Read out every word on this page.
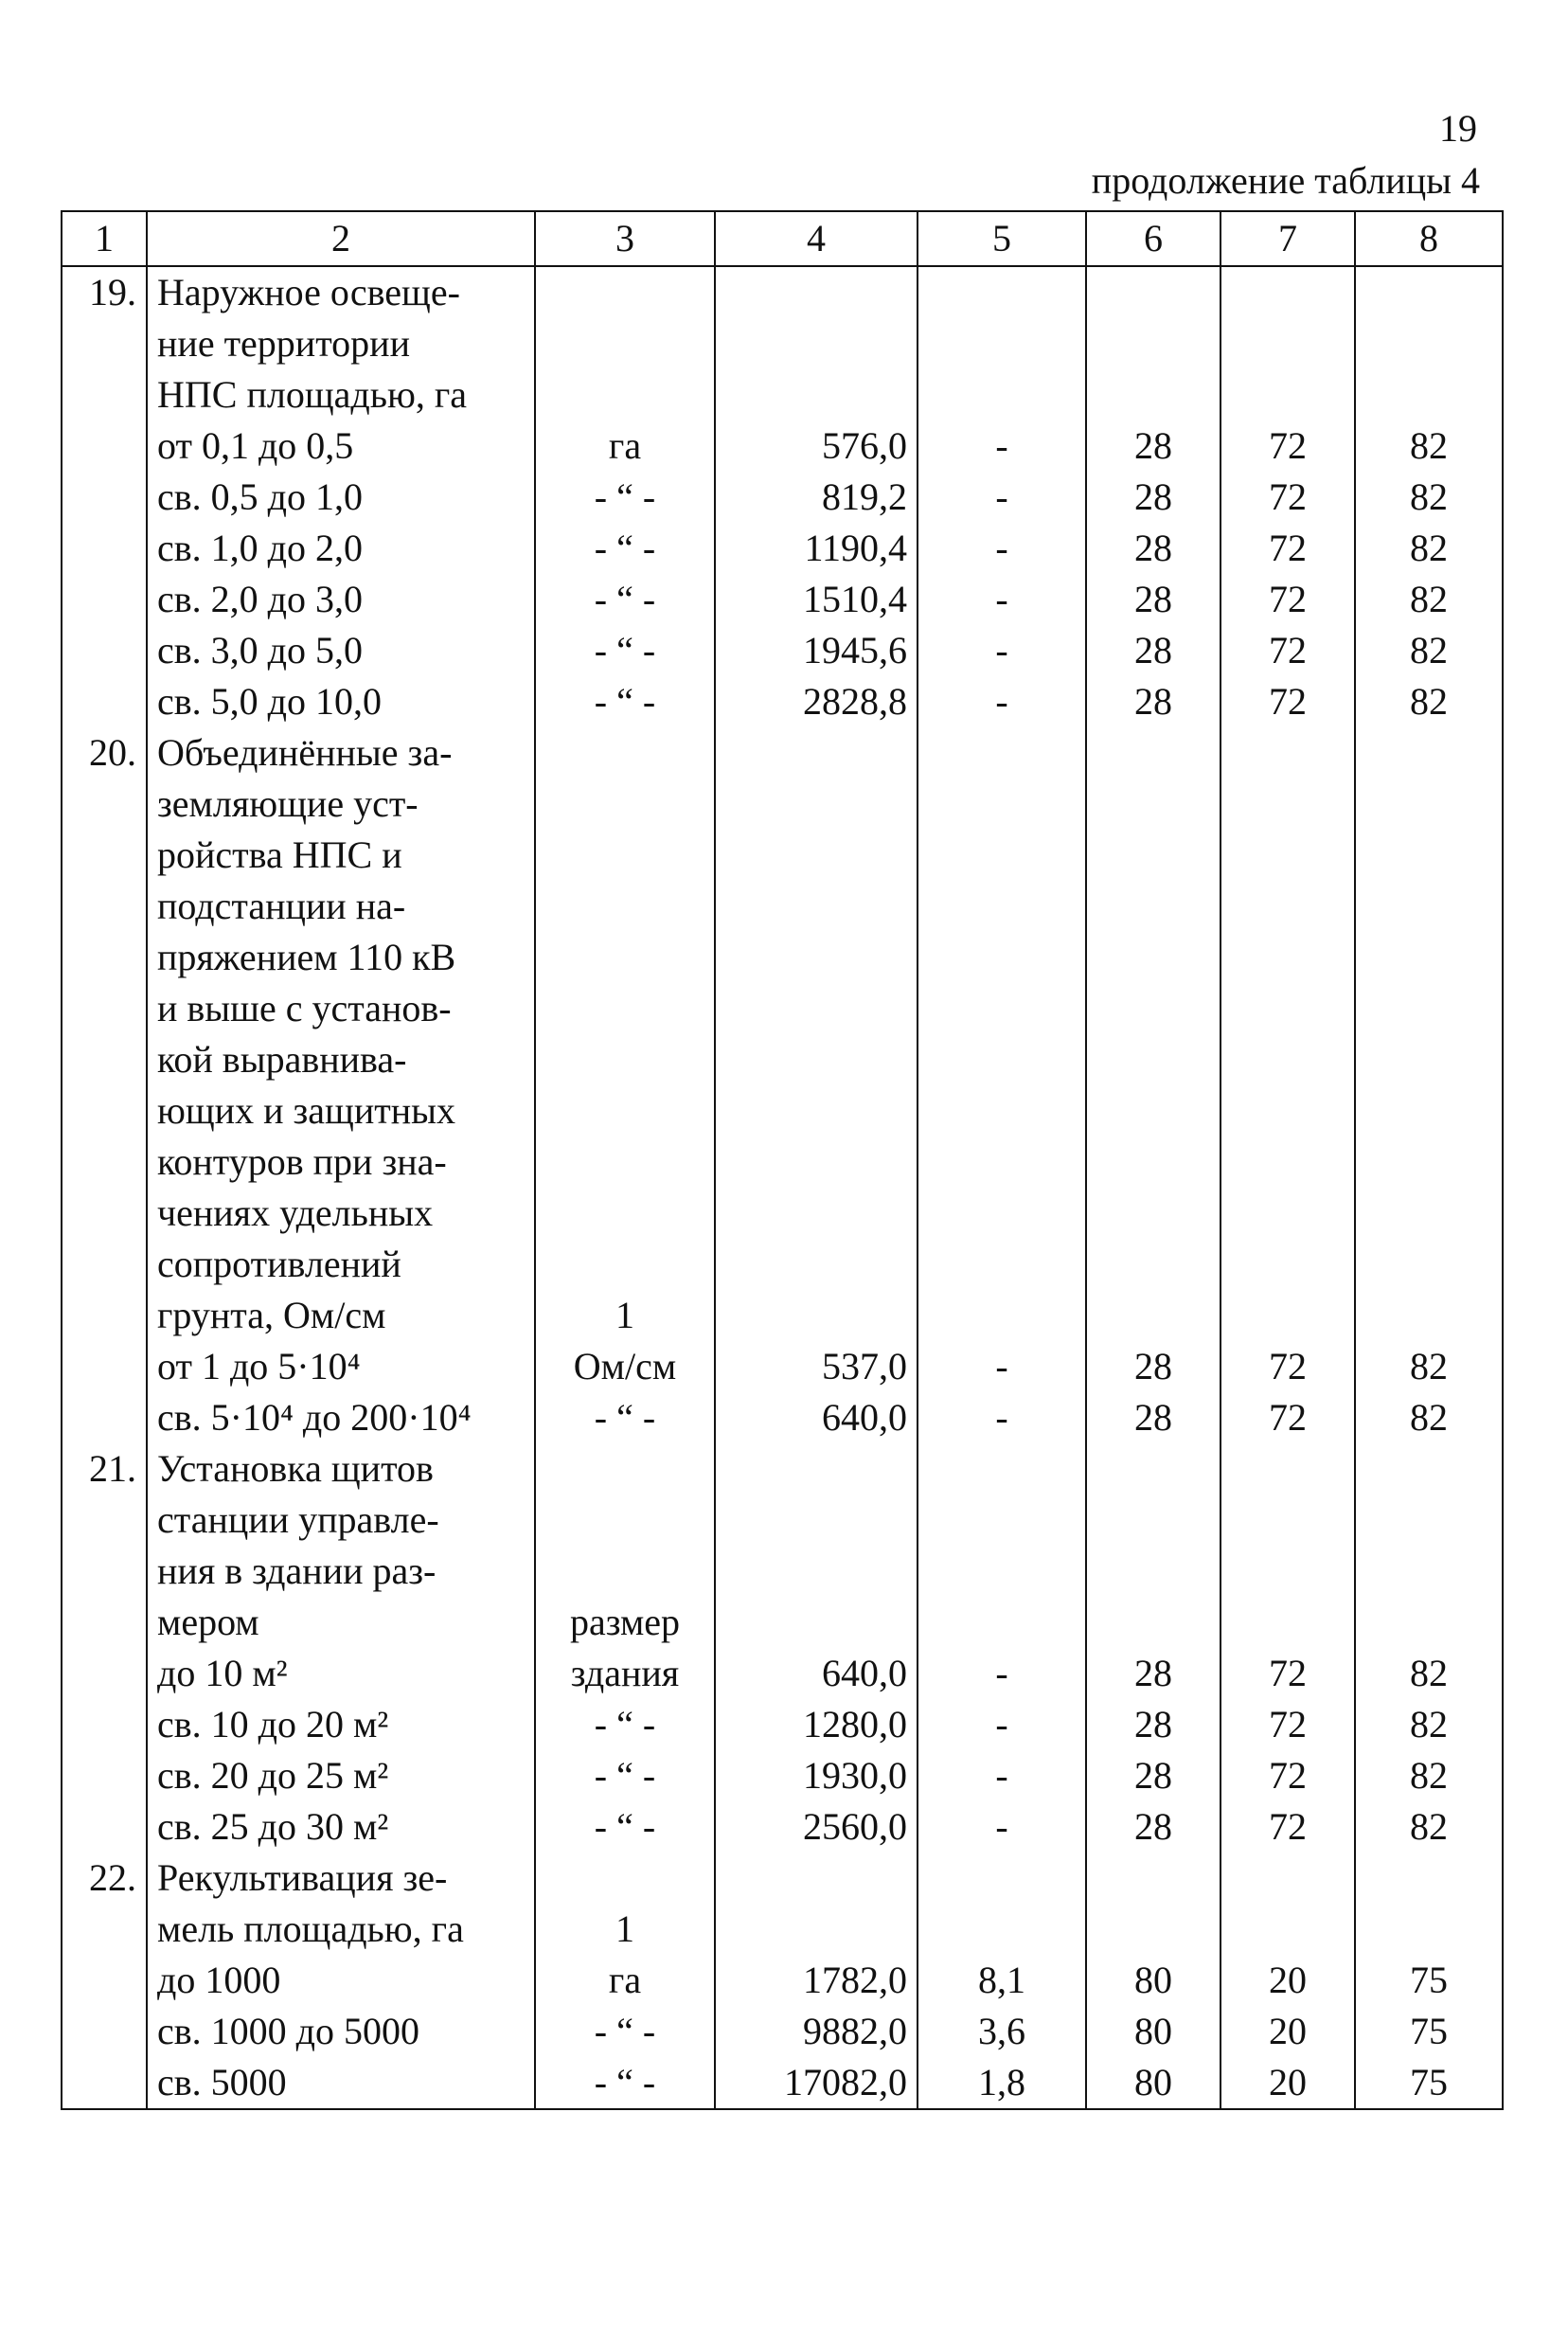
19
продолжение таблицы 4
1	2	3	4	5	6	7	8
19.	Наружное освеще-						
	ние территории						
	НПС площадью, га						
	от 0,1 до 0,5	га	576,0	-	28	72	82
	св. 0,5 до 1,0	- “ -	819,2	-	28	72	82
	св. 1,0 до 2,0	- “ -	1190,4	-	28	72	82
	св. 2,0 до 3,0	- “ -	1510,4	-	28	72	82
	св. 3,0 до 5,0	- “ -	1945,6	-	28	72	82
	св. 5,0 до 10,0	- “ -	2828,8	-	28	72	82
20.	Объединённые за-						
	земляющие уст-						
	ройства НПС и						
	подстанции на-						
	пряжением 110 кВ						
	и выше с установ-						
	кой выравнива-						
	ющих и защитных						
	контуров при зна-						
	чениях удельных						
	сопротивлений						
	грунта, Ом/см	1					
	от 1 до 5·10⁴	Ом/см	537,0	-	28	72	82
	св. 5·10⁴ до 200·10⁴	- “ -	640,0	-	28	72	82
21.	Установка щитов						
	станции управле-						
	ния в здании раз-						
	мером	размер					
	до 10 м²	здания	640,0	-	28	72	82
	св. 10 до 20 м²	- “ -	1280,0	-	28	72	82
	св. 20 до 25 м²	- “ -	1930,0	-	28	72	82
	св. 25 до 30 м²	- “ -	2560,0	-	28	72	82
22.	Рекультивация зе-						
	мель площадью, га	1					
	до 1000	га	1782,0	8,1	80	20	75
	св. 1000 до 5000	- “ -	9882,0	3,6	80	20	75
	св. 5000	- “ -	17082,0	1,8	80	20	75
